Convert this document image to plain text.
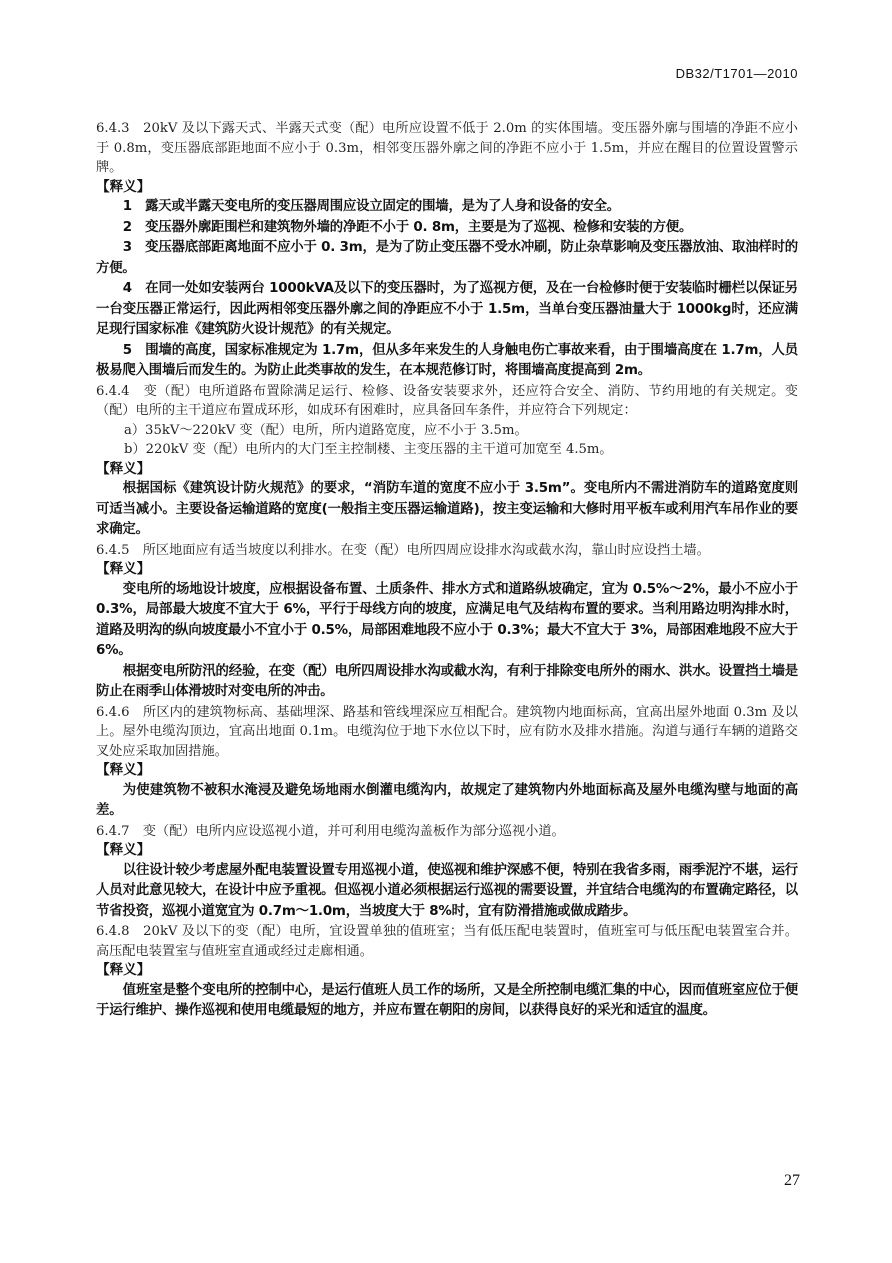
DB32/T1701—2010

6.4.3　20kV 及以下露天式、半露天式变（配）电所应设置不低于 2.0m 的实体围墙。变压器外廓与围墙的净距不应小于 0.8m，变压器底部距地面不应小于 0.3m，相邻变压器外廓之间的净距不应小于 1.5m，并应在醒目的位置设置警示牌。

【释义】

1　露天或半露天变电所的变压器周围应设立固定的围墙，是为了人身和设备的安全。

2　变压器外廓距围栏和建筑物外墙的净距不小于 0. 8m，主要是为了巡视、检修和安装的方便。

3　变压器底部距离地面不应小于 0. 3m，是为了防止变压器不受水冲刷，防止杂草影响及变压器放油、取油样时的方便。

4　在同一处如安装两台 1000kVA及以下的变压器时，为了巡视方便，及在一台检修时便于安装临时栅栏以保证另一台变压器正常运行，因此两相邻变压器外廓之间的净距应不小于 1.5m，当单台变压器油量大于 1000kg时，还应满足现行国家标准《建筑防火设计规范》的有关规定。

5　围墙的高度，国家标准规定为 1.7m，但从多年来发生的人身触电伤亡事故来看，由于围墙高度在 1.7m，人员极易爬入围墙后而发生的。为防止此类事故的发生，在本规范修订时，将围墙高度提高到 2m。

6.4.4　变（配）电所道路布置除满足运行、检修、设备安装要求外，还应符合安全、消防、节约用地的有关规定。变（配）电所的主干道应布置成环形，如成环有困难时，应具备回车条件，并应符合下列规定：

a）35kV～220kV 变（配）电所，所内道路宽度，应不小于 3.5m。

b）220kV 变（配）电所内的大门至主控制楼、主变压器的主干道可加宽至 4.5m。

【释义】

根据国标《建筑设计防火规范》的要求，“消防车道的宽度不应小于 3.5m”。变电所内不需进消防车的道路宽度则可适当减小。主要设备运输道路的宽度(一般指主变压器运输道路)，按主变运输和大修时用平板车或利用汽车吊作业的要求确定。

6.4.5　所区地面应有适当坡度以利排水。在变（配）电所四周应设排水沟或截水沟，靠山时应设挡土墙。

【释义】

变电所的场地设计坡度，应根据设备布置、土质条件、排水方式和道路纵坡确定，宜为 0.5%～2%，最小不应小于 0.3%，局部最大坡度不宜大于 6%，平行于母线方向的坡度，应满足电气及结构布置的要求。当利用路边明沟排水时，道路及明沟的纵向坡度最小不宜小于 0.5%，局部困难地段不应小于 0.3%；最大不宜大于 3%，局部困难地段不应大于 6%。

根据变电所防汛的经验，在变（配）电所四周设排水沟或截水沟，有利于排除变电所外的雨水、洪水。设置挡土墙是防止在雨季山体滑坡时对变电所的冲击。

6.4.6　所区内的建筑物标高、基础埋深、路基和管线埋深应互相配合。建筑物内地面标高，宜高出屋外地面 0.3m 及以上。屋外电缆沟顶边，宜高出地面 0.1m。电缆沟位于地下水位以下时，应有防水及排水措施。沟道与通行车辆的道路交叉处应采取加固措施。

【释义】

为使建筑物不被积水淹浸及避免场地雨水倒灌电缆沟内，故规定了建筑物内外地面标高及屋外电缆沟壁与地面的高差。

6.4.7　变（配）电所内应设巡视小道，并可利用电缆沟盖板作为部分巡视小道。

【释义】

以往设计较少考虑屋外配电装置设置专用巡视小道，使巡视和维护深感不便，特别在我省多雨，雨季泥泞不堪，运行人员对此意见较大，在设计中应予重视。但巡视小道必须根据运行巡视的需要设置，并宜结合电缆沟的布置确定路径，以节省投资，巡视小道宽宜为 0.7m～1.0m，当坡度大于 8%时，宜有防滑措施或做成踏步。

6.4.8　20kV 及以下的变（配）电所，宜设置单独的值班室；当有低压配电装置时，值班室可与低压配电装置室合并。高压配电装置室与值班室直通或经过走廊相通。

【释义】

值班室是整个变电所的控制中心，是运行值班人员工作的场所，又是全所控制电缆汇集的中心，因而值班室应位于便于运行维护、操作巡视和使用电缆最短的地方，并应布置在朝阳的房间，以获得良好的采光和适宜的温度。

27
